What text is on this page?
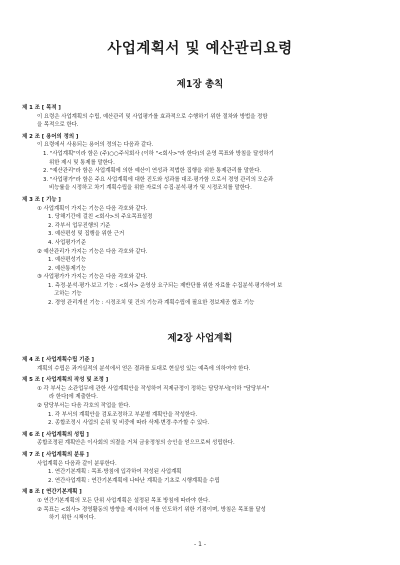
사업계획서 및 예산관리요령
제1장 총칙
제 1 조 [ 목적 ]
이 요령은 사업계획의 수립, 예산관리 및 사업평가를 효과적으로 수행하기 위한 절차와 방법을 정함
을 목적으로 한다.
제 2 조 [ 용어의 정의 ]
이 요령에서 사용되는 용어의 정의는 다음과 같다.
1. "사업계획"이라 함은 (주)○○주식회사 (이하 "<회사>"라 한다)의 운영 목표와 방침을 달성하기
위한 제시 및 통제를 말한다.
2. "예산관리"라 함은 사업계획에 의한 예산이 연성과 적법한 집행을 위한 통제관리를 말한다.
3. "사업평가"라 함은 주요 사업계획에 대한 진도와 성과를 대조·평가함 으로서 경영 관리의 모순과
비능률을 시정하고 차기 계획수립을 위한 자료의 수집·분석·평가 및 시정조치를 말한다.
제 3 조 [ 기능 ]
① 사업계획이 가지는 기능은 다음 각호와 같다.
1. 당해기간에 걸친 <회사>의 주요목표설정
2. 각부서 업무진행의 기준
3. 예산편성 및 집행을 위한 근거
4. 사업평가기준
② 예산관리가 가지는 기능은 다음 각호와 같다.
1. 예산편성기능
2. 예산통제기능
③ 사업평가가 가지는 기능은 다음 각호와 같다.
1. 측정·분석·평가·보고 기능 : <회사> 운영상 요구되는 제반단를 위한 자료를 수집분석·평가하여 보
고하는 기능
2. 경영 관리개선 기능 : 시정조치 및 건의 기능과 계획수립에 필요한 정보제공 협조 기능
제2장 사업계획
제 4 조 [ 사업계획수립 기준 ]
계획의 수립은 과거실적의 분석에서 얻은 결과를 토대로 현실성 있는 예측에 의하여야 한다.
제 5 조 [ 사업계획의 작성 및 조정 ]
① 각 부서는 소관업무에 관한 사업계획안을 작성하여 직제규정이 정하는 담당부서[이하 "담당부서"
라 한다]에 제출한다.
② 담당부서는 다음 각호의 작업을 한다.
1. 각 부서의 계획안을 검토조정하고 부분별 계획안을 작성한다.
2. 종합조정시 사업의 순위 및 비중에 따라 삭제·변경·추가할 수 있다.
제 6 조 [ 사업계획의 성립 ]
종합조정된 계획안은 이사회의 의결을 거쳐 금융정청의 승인을 얻으므로써 성립한다.
제 7 조 [ 사업계획의 분류 ]
사업계획은 다음과 같이 분류한다.
1. 연간기본계획 : 목표·방침에 입각하여 작성된 사업계획
2. 연간사업계획 : 연간기본계획에 나타난 계획을 기초로 시행계획을 수립
제 8 조 [ 연간기본계획 ]
① 연간기본계획의 모든 단위 사업계획은 설정된 목표 방침에 따라야 한다.
② 목표는 <회사> 경영활동의 방향을 제시하여 이를 인도하기 위한 기점이며, 방침은 목표를 달성
하기 위한 시책이다.
- 1 -
